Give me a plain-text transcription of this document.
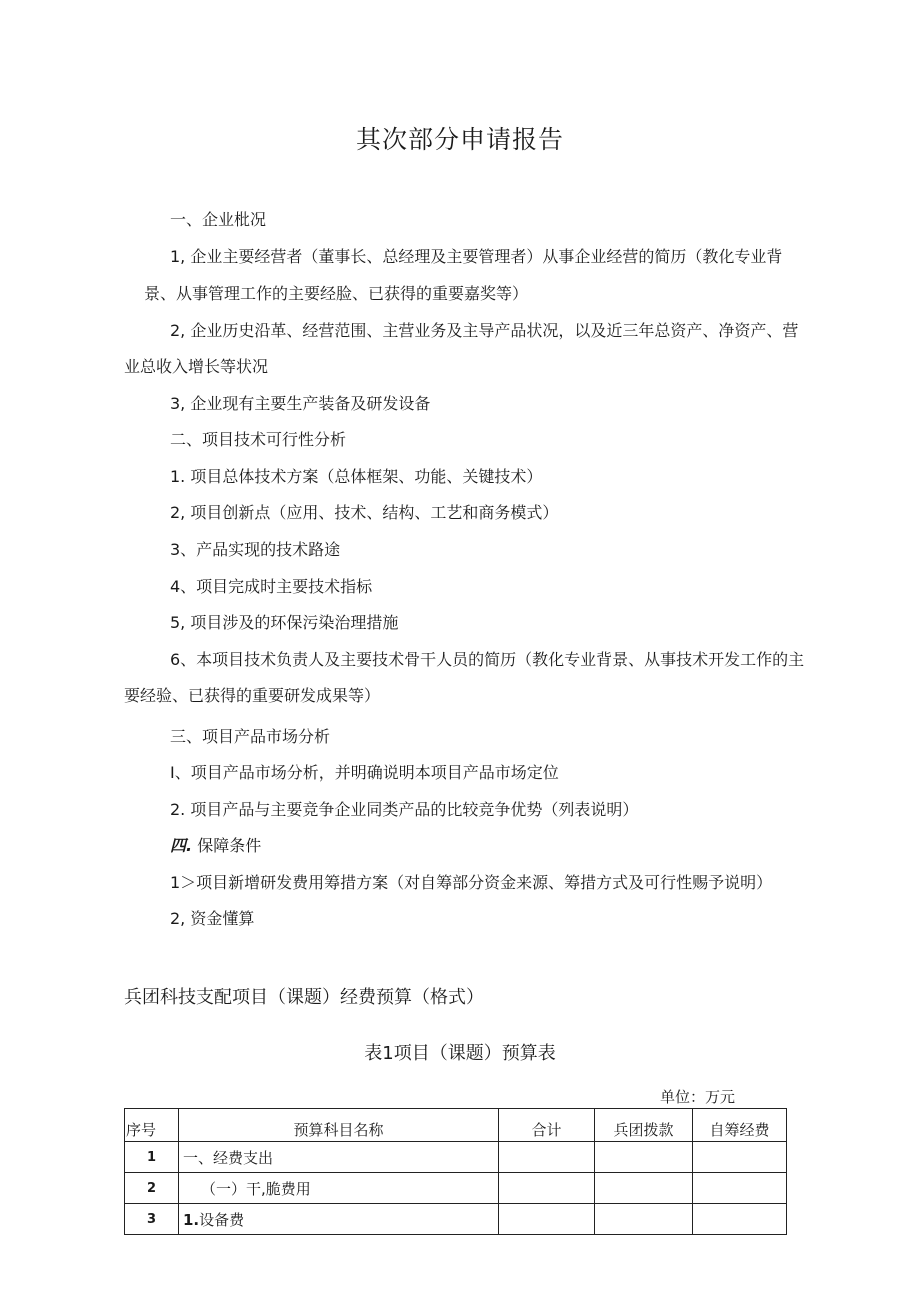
其次部分申请报告
一、企业枇况
1, 企业主要经营者（董事长、总经理及主要管理者）从事企业经营的简历（教化专业背
景、从事管理工作的主要经脸、已获得的重要嘉奖等）
2, 企业历史沿革、经营范围、主营业务及主导产品状况，以及近三年总资产、净资产、营
业总收入增长等状况
3, 企业现有主要生产装备及研发设备
二、项目技术可行性分析
1. 项目总体技术方案（总体框架、功能、关键技术）
2, 项目创新点（应用、技术、结构、工艺和商务模式）
3、产品实现的技术路途
4、项目完成时主要技术指标
5, 项目涉及的环保污染治理措施
6、本项目技术负责人及主要技术骨干人员的简历（教化专业背景、从事技术开发工作的主
要经验、已获得的重要研发成果等）
三、项目产品市场分析
I、项目产品市场分析，并明确说明本项目产品市场定位
2. 项目产品与主要竞争企业同类产品的比较竞争优势（列表说明）
四. 保障条件
1＞项目新增研发费用筹措方案（对自筹部分资金来源、筹措方式及可行性赐予说明）
2, 资金懂算
兵团科技支配项目（课题）经费预算（格式）
表1项目（课题）预算表
单位：万元
序号	预算科目名称	合计	兵团拨款	自筹经费
1	一、经费支出			
2	（一）干,脆费用			
3	1.设备费			
